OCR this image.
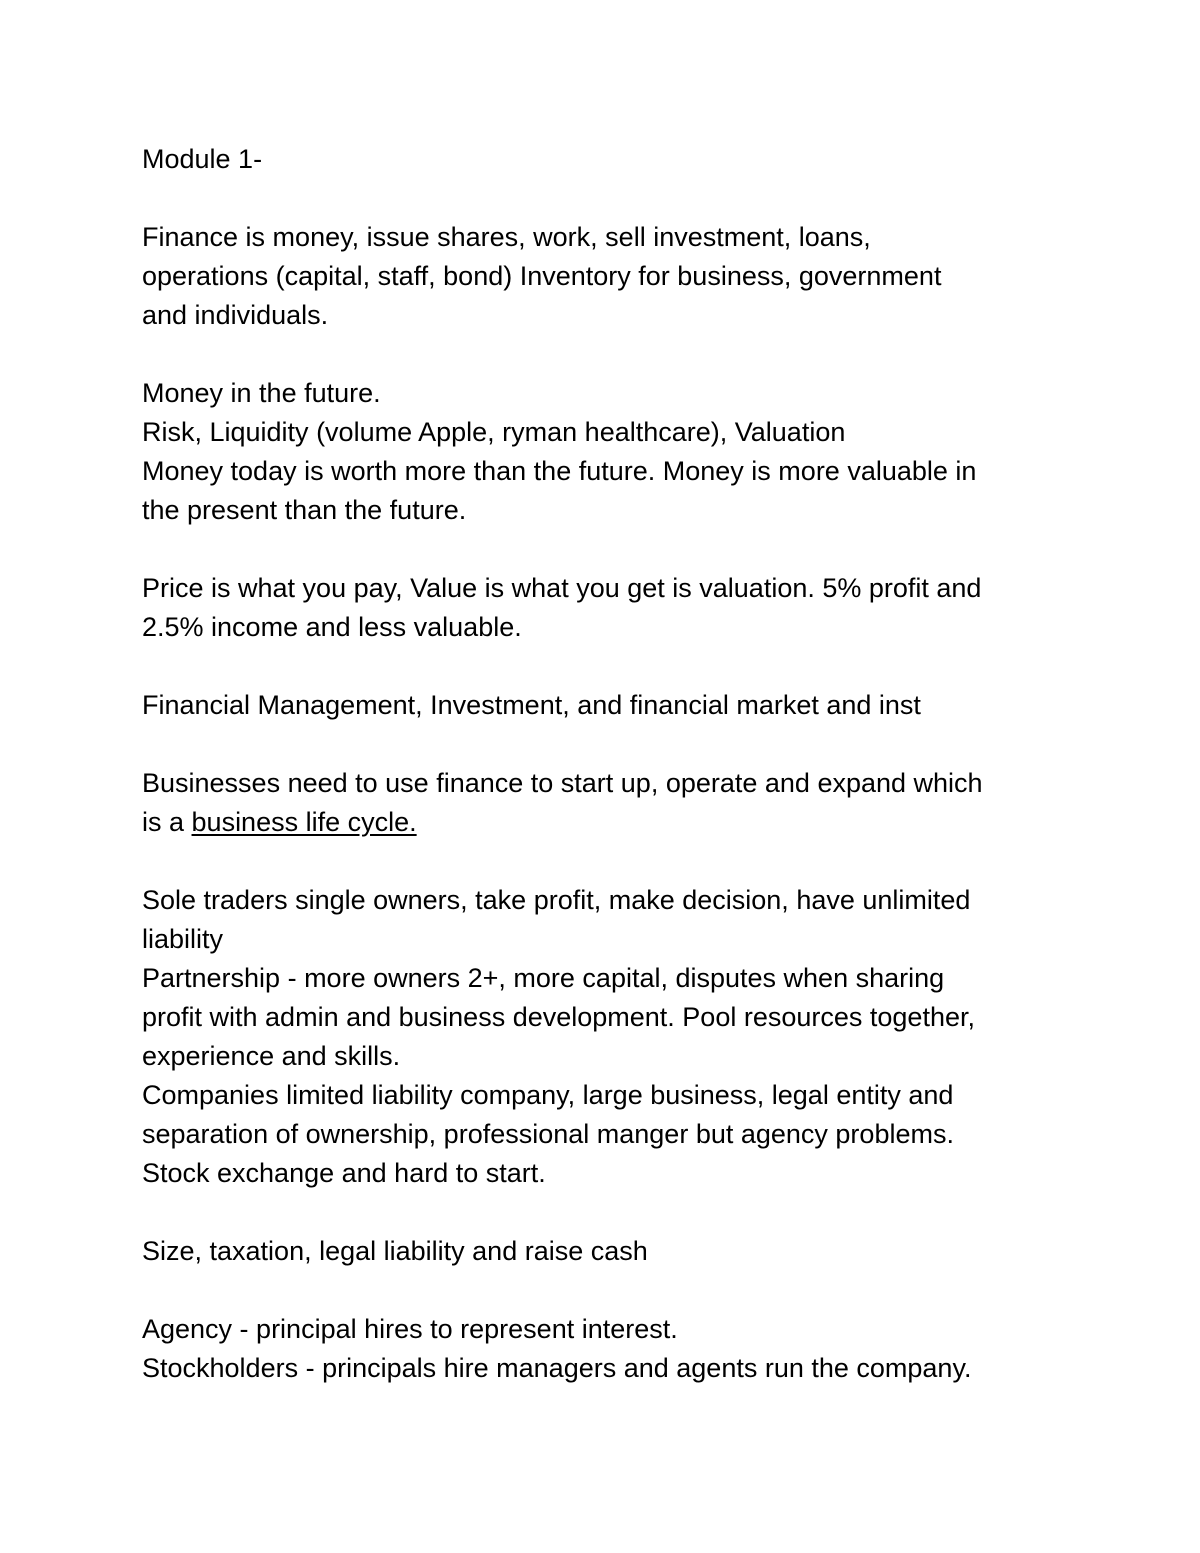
Module 1-
Finance is money, issue shares, work, sell investment, loans,
operations (capital, staff, bond) Inventory for business, government
and individuals.
Money in the future.
Risk, Liquidity (volume Apple, ryman healthcare), Valuation
Money today is worth more than the future. Money is more valuable in
the present than the future.
Price is what you pay, Value is what you get is valuation. 5% profit and
2.5% income and less valuable.
Financial Management, Investment, and financial market and inst
Businesses need to use finance to start up, operate and expand which
is a business life cycle.
Sole traders single owners, take profit, make decision, have unlimited
liability
Partnership - more owners 2+, more capital, disputes when sharing
profit with admin and business development. Pool resources together,
experience and skills.
Companies limited liability company, large business, legal entity and
separation of ownership, professional manger but agency problems.
Stock exchange and hard to start.
Size, taxation, legal liability and raise cash
Agency - principal hires to represent interest.
Stockholders - principals hire managers and agents run the company.
